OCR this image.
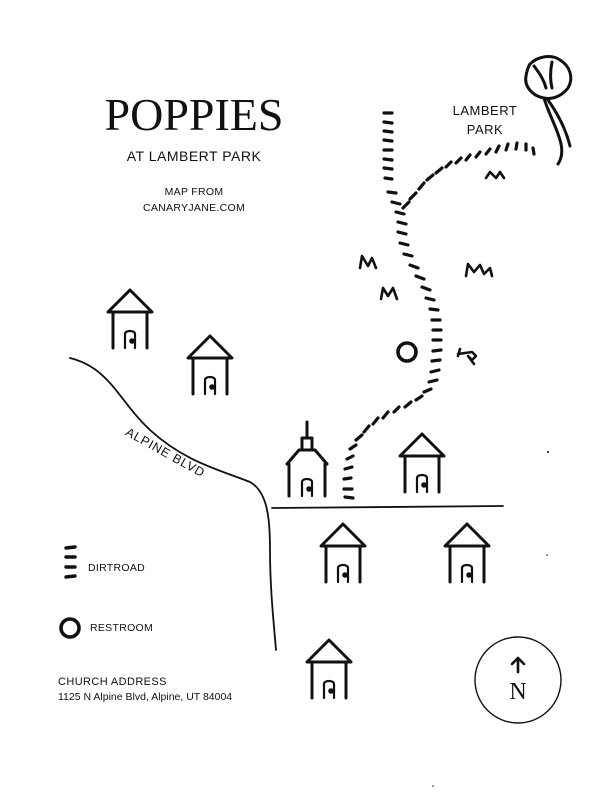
POPPIES
AT LAMBERT PARK
MAP FROM
CANARYJANE.COM
LAMBERT
PARK
ALPINE BLVD
DIRTROAD
RESTROOM
CHURCH ADDRESS
1125 N Alpine Blvd, Alpine, UT 84004	N
